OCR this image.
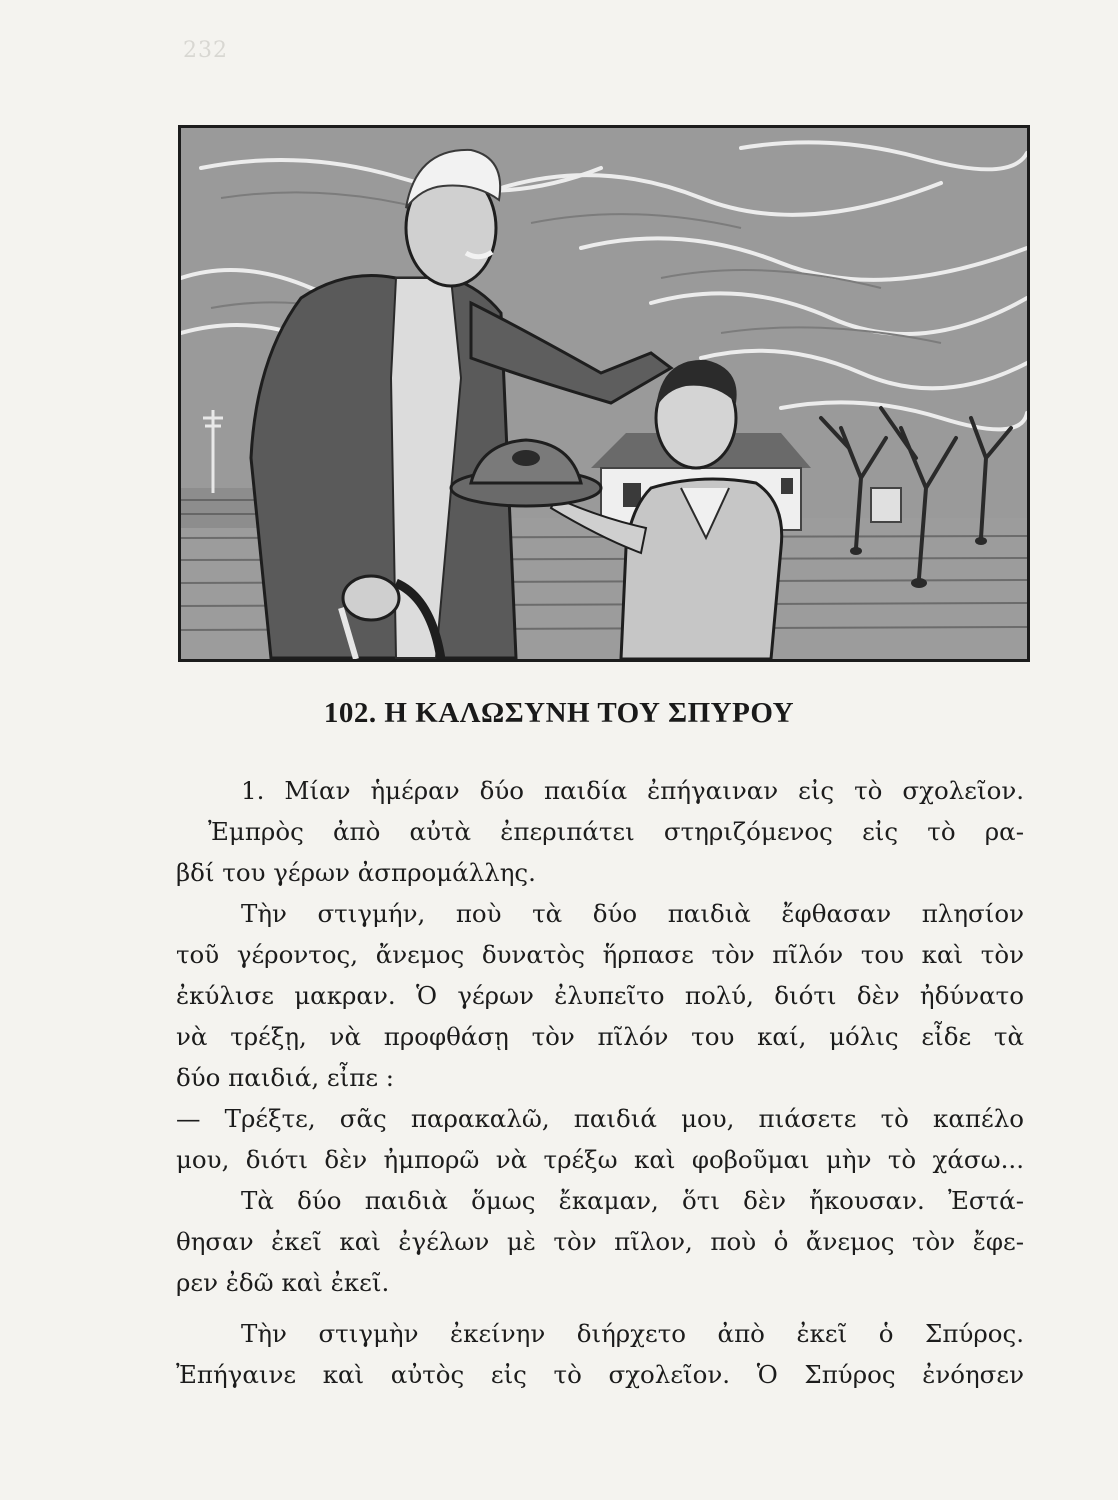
232
102. Η ΚΑΛΩΣΥΝΗ ΤΟΥ ΣΠΥΡΟΥ
1. Μίαν ἡμέραν δύο παιδία ἐπήγαιναν εἰς τὸ σχολεῖον.
Ἐμπρὸς ἀπὸ αὐτὰ ἐπεριπάτει στηριζόμενος εἰς τὸ ρα-
βδί του γέρων ἀσπρομάλλης.
Τὴν στιγμήν, ποὺ τὰ δύο παιδιὰ ἔφθασαν πλησίον
τοῦ γέροντος, ἄνεμος δυνατὸς ἥρπασε τὸν πῖλόν του καὶ τὸν
ἐκύλισε μακραν. Ὁ γέρων ἐλυπεῖτο πολύ, διότι δὲν ἠδύνατο
νὰ τρέξῃ, νὰ προφθάσῃ τὸν πῖλόν του καί, μόλις εἶδε τὰ
δύο παιδιά, εἶπε :
— Τρέξτε, σᾶς παρακαλῶ, παιδιά μου, πιάσετε τὸ καπέλο
μου, διότι δὲν ἠμπορῶ νὰ τρέξω καὶ φοβοῦμαι μὴν τὸ χάσω...
Τὰ δύο παιδιὰ ὅμως ἔκαμαν, ὅτι δὲν ἤκουσαν. Ἐστά-
θησαν ἐκεῖ καὶ ἐγέλων μὲ τὸν πῖλον, ποὺ ὁ ἄνεμος τὸν ἔφε-
ρεν ἐδῶ καὶ ἐκεῖ.
Τὴν στιγμὴν ἐκείνην διήρχετο ἀπὸ ἐκεῖ ὁ Σπύρος.
Ἐπήγαινε καὶ αὐτὸς εἰς τὸ σχολεῖον. Ὁ Σπύρος ἐνόησεν
